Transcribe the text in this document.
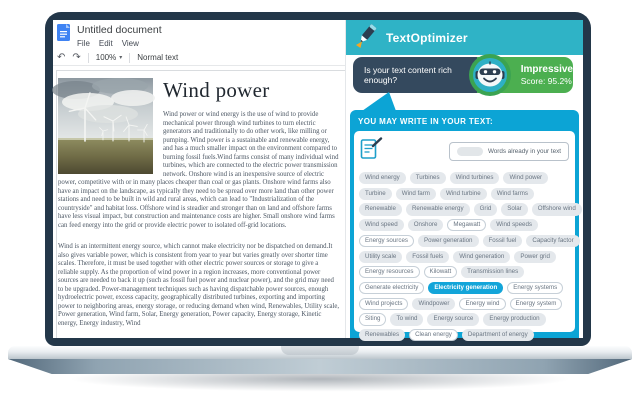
Untitled document
File Edit View
↶ ↷ 100% ▾ Normal text
Wind power

Wind power or wind energy is the use of wind to provide mechanical power through wind turbines to turn electric generators and traditionally to do other work, like milling or pumping. Wind power is a sustainable and renewable energy, and has a much smaller impact on the environment compared to burning fossil fuels.Wind farms consist of many individual wind turbines, which are connected to the electric power transmission network. Onshore wind is an inexpensive source of electric power, competitive with or in many places cheaper than coal or gas plants. Onshore wind farms also have an impact on the landscape, as typically they need to be spread over more land than other power stations and need to be built in wild and rural areas, which can lead to "Industrialization of the countryside" and habitat loss. Offshore wind is steadier and stronger than on land and offshore farms have less visual impact, but construction and maintenance costs are higher. Small onshore wind farms can feed energy into the grid or provide electric power to isolated off-grid locations.

Wind is an intermittent energy source, which cannot make electricity nor be dispatched on demand.It also gives variable power, which is consistent from year to year but varies greatly over shorter time scales. Therefore, it must be used together with other electric power sources or storage to give a reliable supply. As the proportion of wind power in a region increases, more conventional power sources are needed to back it up (such as fossil fuel power and nuclear power), and the grid may need to be upgraded. Power-management techniques such as having dispatchable power sources, enough hydroelectric power, excess capacity, geographically distributed turbines, exporting and importing power to neighboring areas, energy storage, or reducing demand when wind, Renewables, Utility scale, Power generation, Wind farm, Solar, Energy generation, Power capacity, Energy storage, Kinetic energy, Energy industry, Wind

TextOptimizer
Is your text content rich enough?
Impressive
Score: 95.2%
YOU MAY WRITE IN YOUR TEXT:
Words already in your text
Wind energy	Turbines	Wind turbines	Wind power
Turbine	Wind farm	Wind turbine	Wind farms
Renewable	Renewable energy	Grid	Solar	Offshore wind
Wind speed	Onshore	Megawatt	Wind speeds
Energy sources	Power generation	Fossil fuel	Capacity factor
Utility scale	Fossil fuels	Wind generation	Power grid
Energy resources	Kilowatt	Transmission lines
Generate electricity	Electricity generation	Energy systems
Wind projects	Windpower	Energy wind	Energy system
Siting	To wind	Energy source	Energy production
Renewables	Clean energy	Department of energy
